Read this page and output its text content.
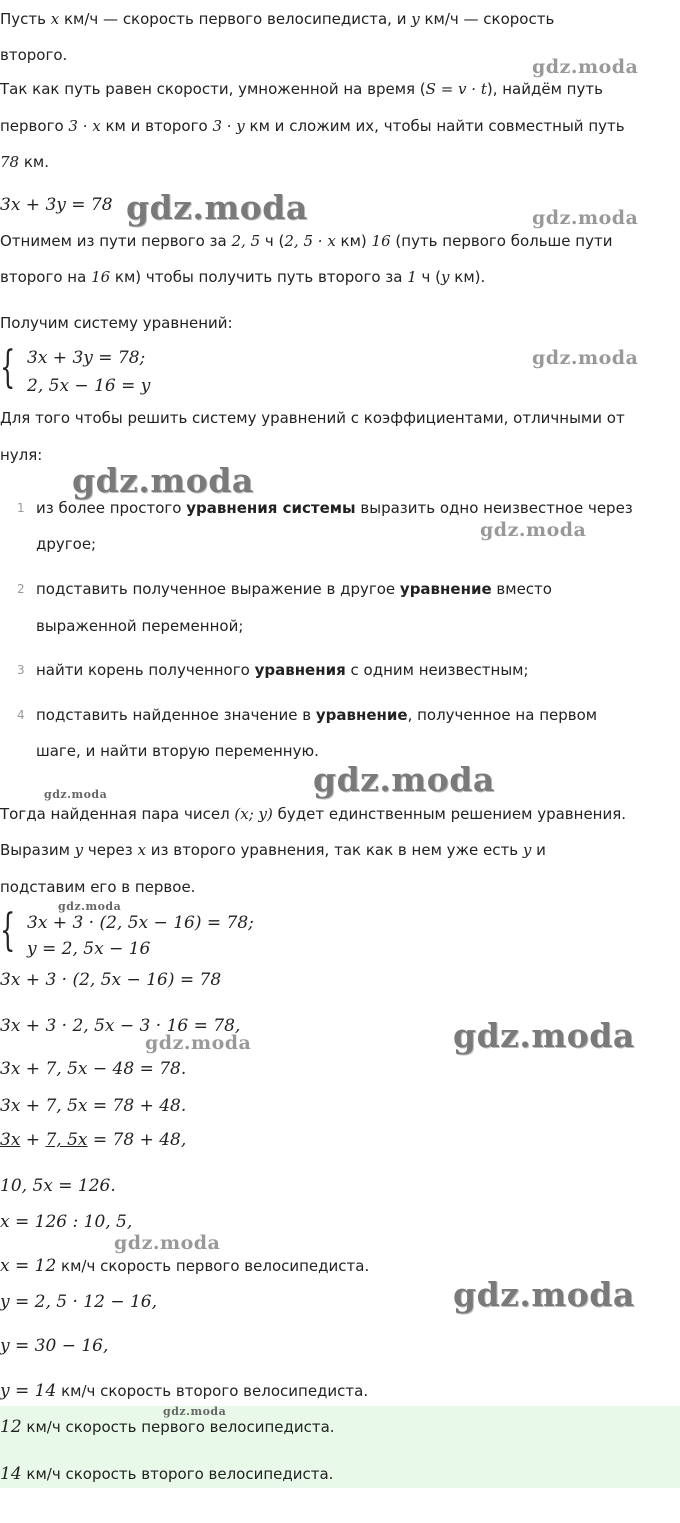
Пусть x км/ч — скорость первого велосипедиста, и y км/ч — скорость
второго.
Так как путь равен скорости, умноженной на время (S = v · t), найдём путь
первого 3 · x км и второго 3 · y км и сложим их, чтобы найти совместный путь
78 км.
3x + 3y = 78
Отнимем из пути первого за 2, 5 ч (2, 5 · x км) 16 (путь первого больше пути
второго на 16 км) чтобы получить путь второго за 1 ч (y км).
Получим систему уравнений:
{ 3x + 3y = 78;
2, 5x − 16 = y
Для того чтобы решить систему уравнений с коэффициентами, отличными от
нуля:
1 из более простого уравнения системы выразить одно неизвестное через
другое;
2 подставить полученное выражение в другое уравнение вместо
выраженной переменной;
3 найти корень полученного уравнения с одним неизвестным;
4 подставить найденное значение в уравнение, полученное на первом
шаге, и найти вторую переменную.
Тогда найденная пара чисел (x; y) будет единственным решением уравнения.
Выразим y через x из второго уравнения, так как в нем уже есть y и
подставим его в первое.
{ 3x + 3 · (2, 5x − 16) = 78;
y = 2, 5x − 16
3x + 3 · (2, 5x − 16) = 78
3x + 3 · 2, 5x − 3 · 16 = 78,
3x + 7, 5x − 48 = 78.
3x + 7, 5x = 78 + 48.
3x + 7, 5x = 78 + 48,
10, 5x = 126.
x = 126 : 10, 5,
x = 12 км/ч скорость первого велосипедиста.
y = 2, 5 · 12 − 16,
y = 30 − 16,
y = 14 км/ч скорость второго велосипедиста.
12 км/ч скорость первого велосипедиста.
14 км/ч скорость второго велосипедиста.
gdz.moda
gdz.moda	gdz.moda
gdz.moda
gdz.moda
gdz.moda
gdz.moda	gdz.moda
gdz.moda
gdz.moda
gdz.moda
gdz.moda
gdz.moda
gdz.moda
